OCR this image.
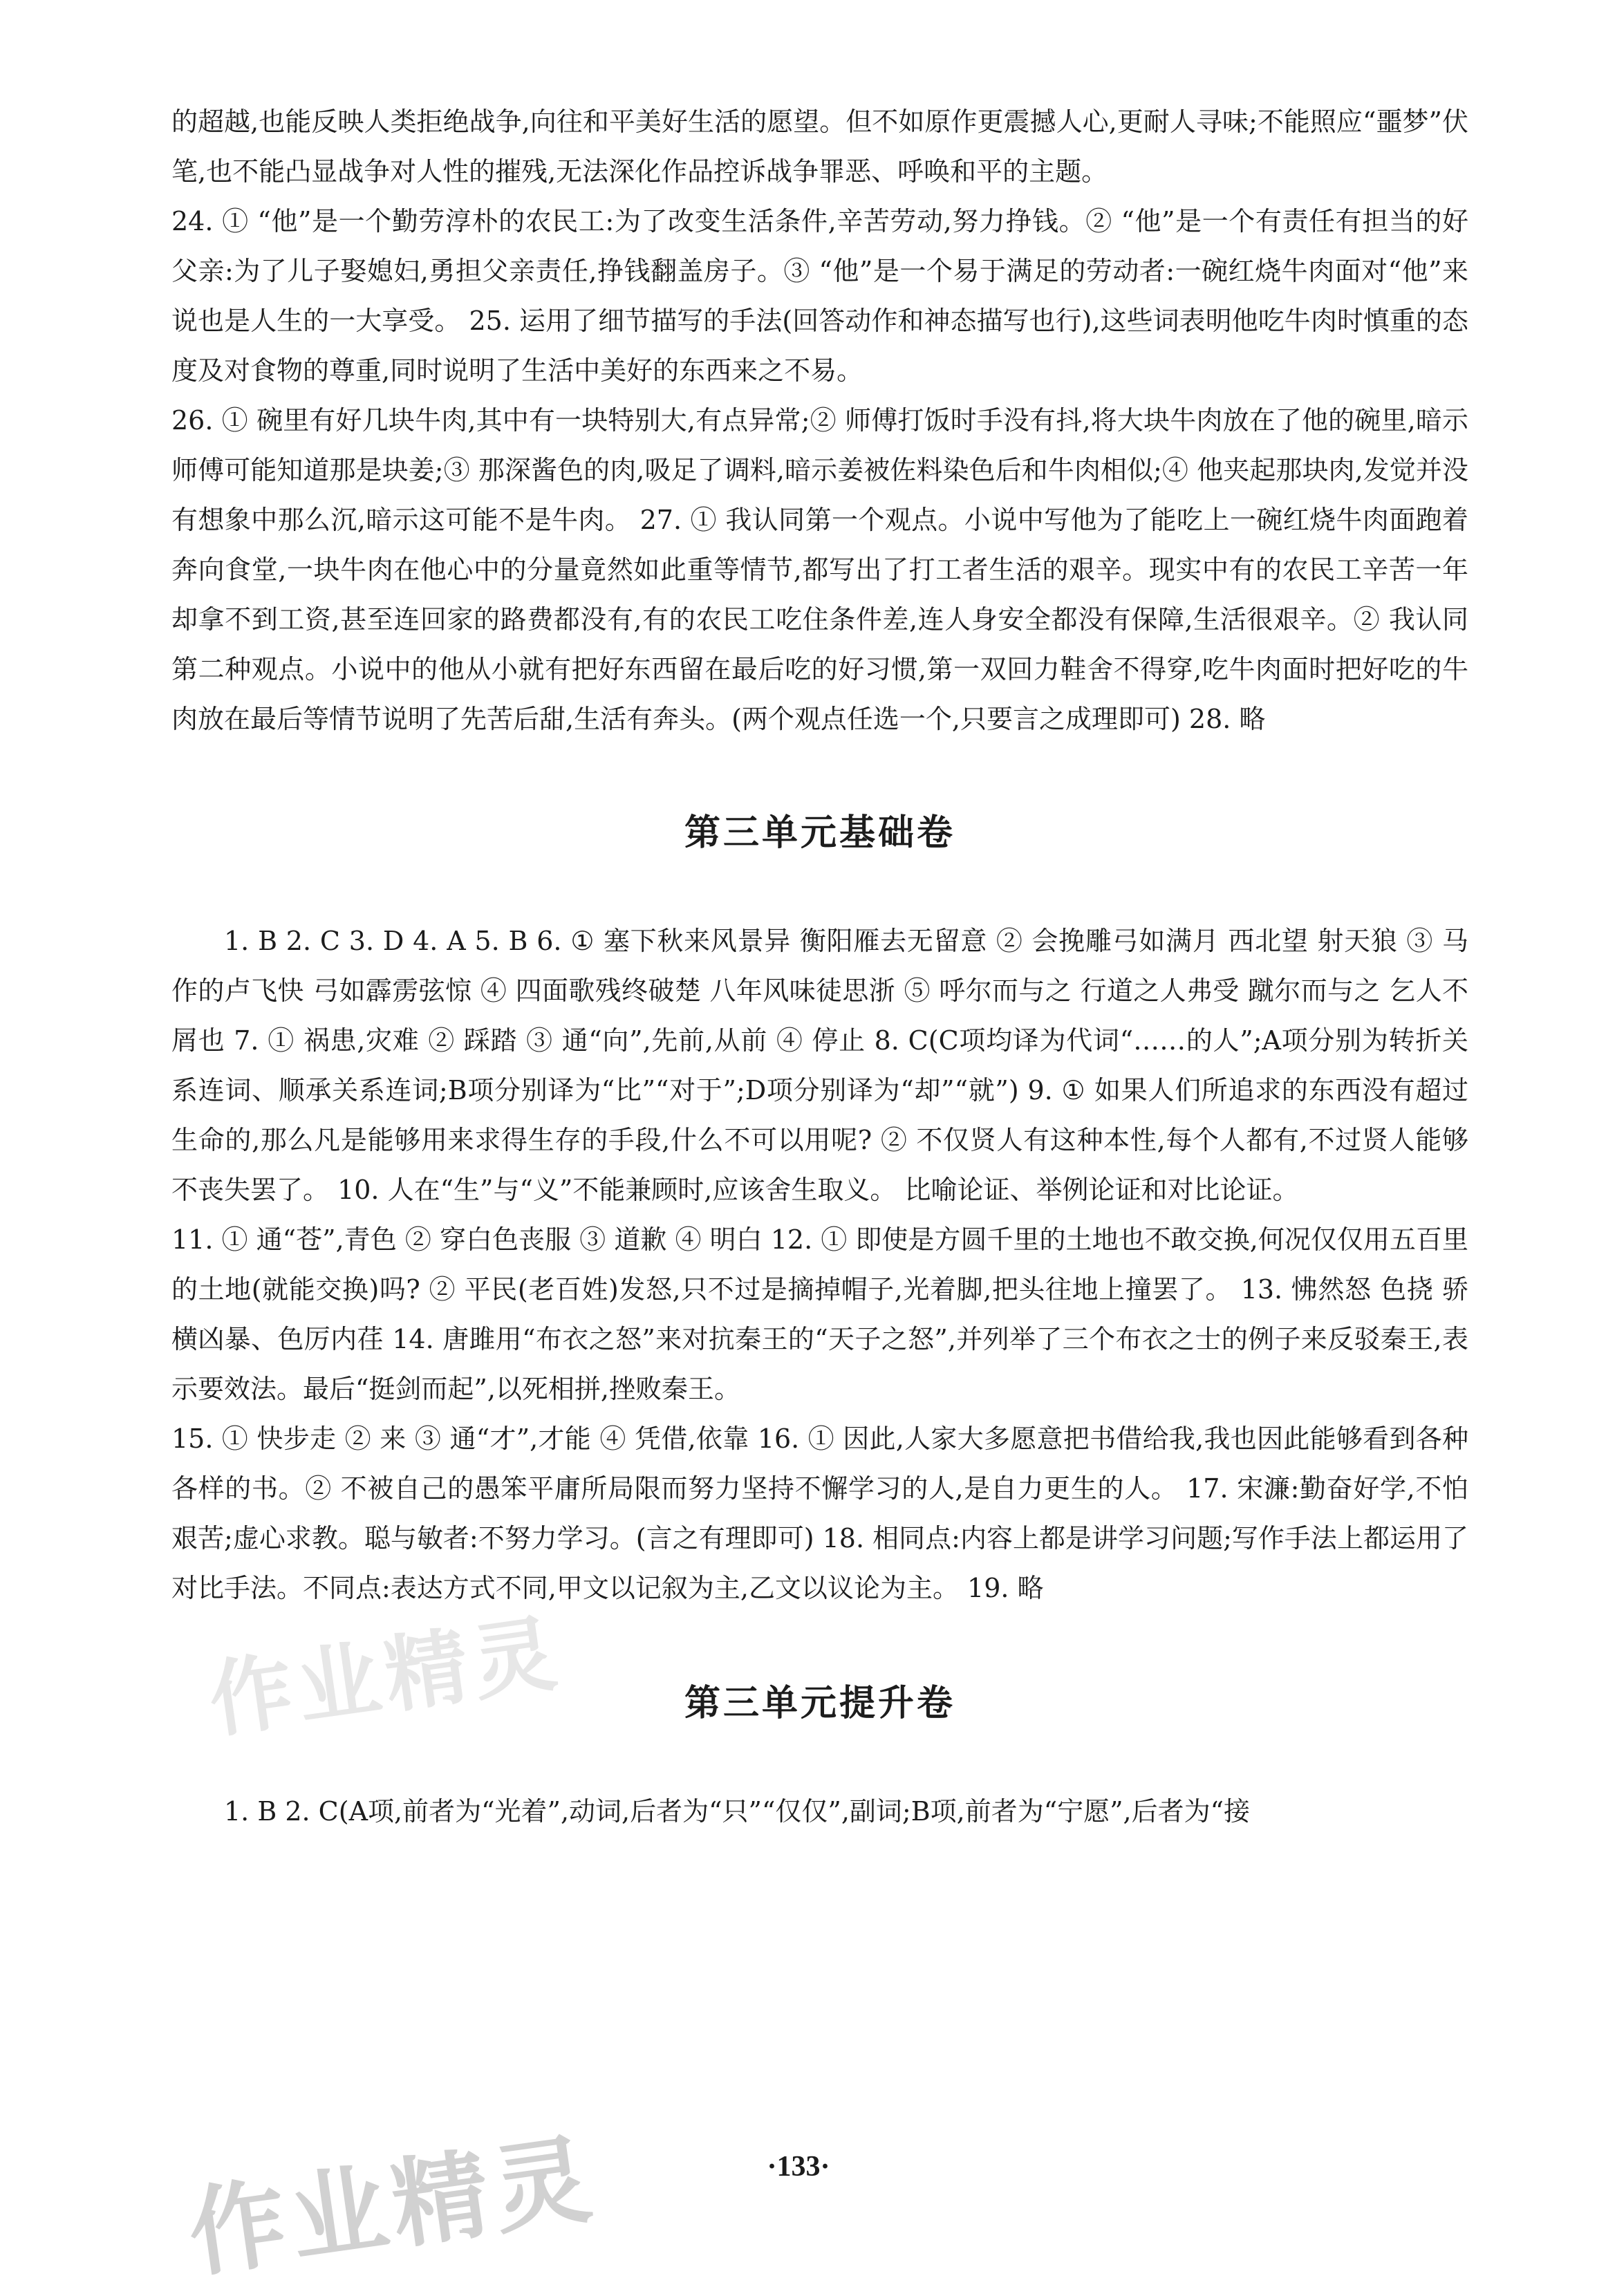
的超越,也能反映人类拒绝战争,向往和平美好生活的愿望。但不如原作更震撼人心,更耐人寻味;不能照应“噩梦”伏笔,也不能凸显战争对人性的摧残,无法深化作品控诉战争罪恶、呼唤和平的主题。

24. ① “他”是一个勤劳淳朴的农民工:为了改变生活条件,辛苦劳动,努力挣钱。② “他”是一个有责任有担当的好父亲:为了儿子娶媳妇,勇担父亲责任,挣钱翻盖房子。③ “他”是一个易于满足的劳动者:一碗红烧牛肉面对“他”来说也是人生的一大享受。 25. 运用了细节描写的手法(回答动作和神态描写也行),这些词表明他吃牛肉时慎重的态度及对食物的尊重,同时说明了生活中美好的东西来之不易。

26. ① 碗里有好几块牛肉,其中有一块特别大,有点异常;② 师傅打饭时手没有抖,将大块牛肉放在了他的碗里,暗示师傅可能知道那是块姜;③ 那深酱色的肉,吸足了调料,暗示姜被佐料染色后和牛肉相似;④ 他夹起那块肉,发觉并没有想象中那么沉,暗示这可能不是牛肉。 27. ① 我认同第一个观点。小说中写他为了能吃上一碗红烧牛肉面跑着奔向食堂,一块牛肉在他心中的分量竟然如此重等情节,都写出了打工者生活的艰辛。现实中有的农民工辛苦一年却拿不到工资,甚至连回家的路费都没有,有的农民工吃住条件差,连人身安全都没有保障,生活很艰辛。② 我认同第二种观点。小说中的他从小就有把好东西留在最后吃的好习惯,第一双回力鞋舍不得穿,吃牛肉面时把好吃的牛肉放在最后等情节说明了先苦后甜,生活有奔头。(两个观点任选一个,只要言之成理即可) 28. 略

第三单元基础卷

1. B 2. C 3. D 4. A 5. B 6. ① 塞下秋来风景异 衡阳雁去无留意 ② 会挽雕弓如满月 西北望 射天狼 ③ 马作的卢飞快 弓如霹雳弦惊 ④ 四面歌残终破楚 八年风味徒思浙 ⑤ 呼尔而与之 行道之人弗受 蹴尔而与之 乞人不屑也 7. ① 祸患,灾难 ② 踩踏 ③ 通“向”,先前,从前 ④ 停止 8. C(C项均译为代词“……的人”;A项分别为转折关系连词、顺承关系连词;B项分别译为“比”“对于”;D项分别译为“却”“就”) 9. ① 如果人们所追求的东西没有超过生命的,那么凡是能够用来求得生存的手段,什么不可以用呢? ② 不仅贤人有这种本性,每个人都有,不过贤人能够不丧失罢了。 10. 人在“生”与“义”不能兼顾时,应该舍生取义。 比喻论证、举例论证和对比论证。

11. ① 通“苍”,青色 ② 穿白色丧服 ③ 道歉 ④ 明白 12. ① 即使是方圆千里的土地也不敢交换,何况仅仅用五百里的土地(就能交换)吗? ② 平民(老百姓)发怒,只不过是摘掉帽子,光着脚,把头往地上撞罢了。 13. 怫然怒 色挠 骄横凶暴、色厉内荏 14. 唐雎用“布衣之怒”来对抗秦王的“天子之怒”,并列举了三个布衣之士的例子来反驳秦王,表示要效法。最后“挺剑而起”,以死相拼,挫败秦王。

15. ① 快步走 ② 来 ③ 通“才”,才能 ④ 凭借,依靠 16. ① 因此,人家大多愿意把书借给我,我也因此能够看到各种各样的书。② 不被自己的愚笨平庸所局限而努力坚持不懈学习的人,是自力更生的人。 17. 宋濂:勤奋好学,不怕艰苦;虚心求教。聪与敏者:不努力学习。(言之有理即可) 18. 相同点:内容上都是讲学习问题;写作手法上都运用了对比手法。不同点:表达方式不同,甲文以记叙为主,乙文以议论为主。 19. 略

第三单元提升卷

1. B 2. C(A项,前者为“光着”,动词,后者为“只”“仅仅”,副词;B项,前者为“宁愿”,后者为“接

作业精灵
作业精灵	·133·
